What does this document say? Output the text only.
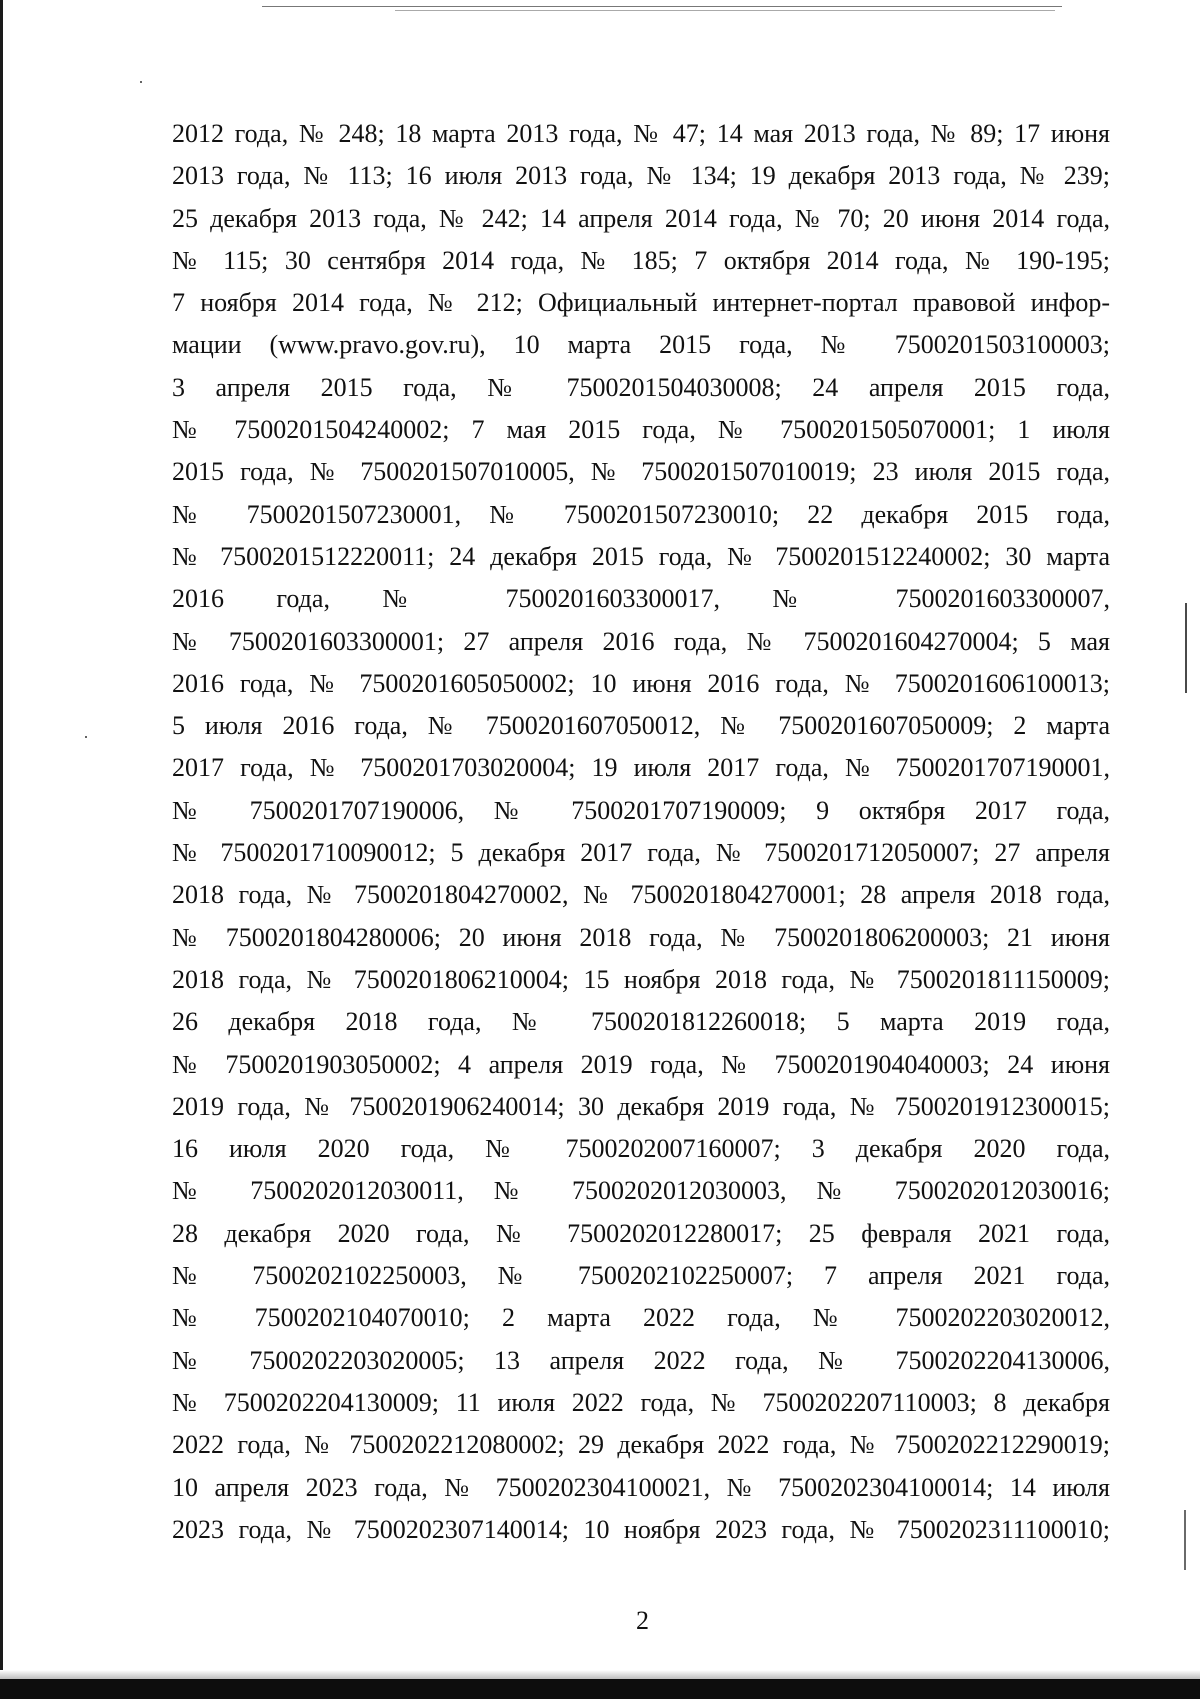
2012 года, № 248; 18 марта 2013 года, № 47; 14 мая 2013 года, № 89; 17 июня
2013 года, № 113; 16 июля 2013 года, № 134; 19 декабря 2013 года, № 239;
25 декабря 2013 года, № 242; 14 апреля 2014 года, № 70; 20 июня 2014 года,
№ 115; 30 сентября 2014 года, № 185; 7 октября 2014 года, № 190-195;
7 ноября 2014 года, № 212; Официальный интернет-портал правовой инфор-
мации (www.pravo.gov.ru), 10 марта 2015 года, № 7500201503100003;
3 апреля 2015 года, № 7500201504030008; 24 апреля 2015 года,
№ 7500201504240002; 7 мая 2015 года, № 7500201505070001; 1 июля
2015 года, № 7500201507010005, № 7500201507010019; 23 июля 2015 года,
№ 7500201507230001, № 7500201507230010; 22 декабря 2015 года,
№ 7500201512220011; 24 декабря 2015 года, № 7500201512240002; 30 марта
2016 года, № 7500201603300017, № 7500201603300007,
№ 7500201603300001; 27 апреля 2016 года, № 7500201604270004; 5 мая
2016 года, № 7500201605050002; 10 июня 2016 года, № 7500201606100013;
5 июля 2016 года, № 7500201607050012, № 7500201607050009; 2 марта
2017 года, № 7500201703020004; 19 июля 2017 года, № 7500201707190001,
№ 7500201707190006, № 7500201707190009; 9 октября 2017 года,
№ 7500201710090012; 5 декабря 2017 года, № 7500201712050007; 27 апреля
2018 года, № 7500201804270002, № 7500201804270001; 28 апреля 2018 года,
№ 7500201804280006; 20 июня 2018 года, № 7500201806200003; 21 июня
2018 года, № 7500201806210004; 15 ноября 2018 года, № 7500201811150009;
26 декабря 2018 года, № 7500201812260018; 5 марта 2019 года,
№ 7500201903050002; 4 апреля 2019 года, № 7500201904040003; 24 июня
2019 года, № 7500201906240014; 30 декабря 2019 года, № 7500201912300015;
16 июля 2020 года, № 7500202007160007; 3 декабря 2020 года,
№ 7500202012030011, № 7500202012030003, № 7500202012030016;
28 декабря 2020 года, № 7500202012280017; 25 февраля 2021 года,
№ 7500202102250003, № 7500202102250007; 7 апреля 2021 года,
№ 7500202104070010; 2 марта 2022 года, № 7500202203020012,
№ 7500202203020005; 13 апреля 2022 года, № 7500202204130006,
№ 7500202204130009; 11 июля 2022 года, № 7500202207110003; 8 декабря
2022 года, № 7500202212080002; 29 декабря 2022 года, № 7500202212290019;
10 апреля 2023 года, № 7500202304100021, № 7500202304100014; 14 июля
2023 года, № 7500202307140014; 10 ноября 2023 года, № 7500202311100010;
2
